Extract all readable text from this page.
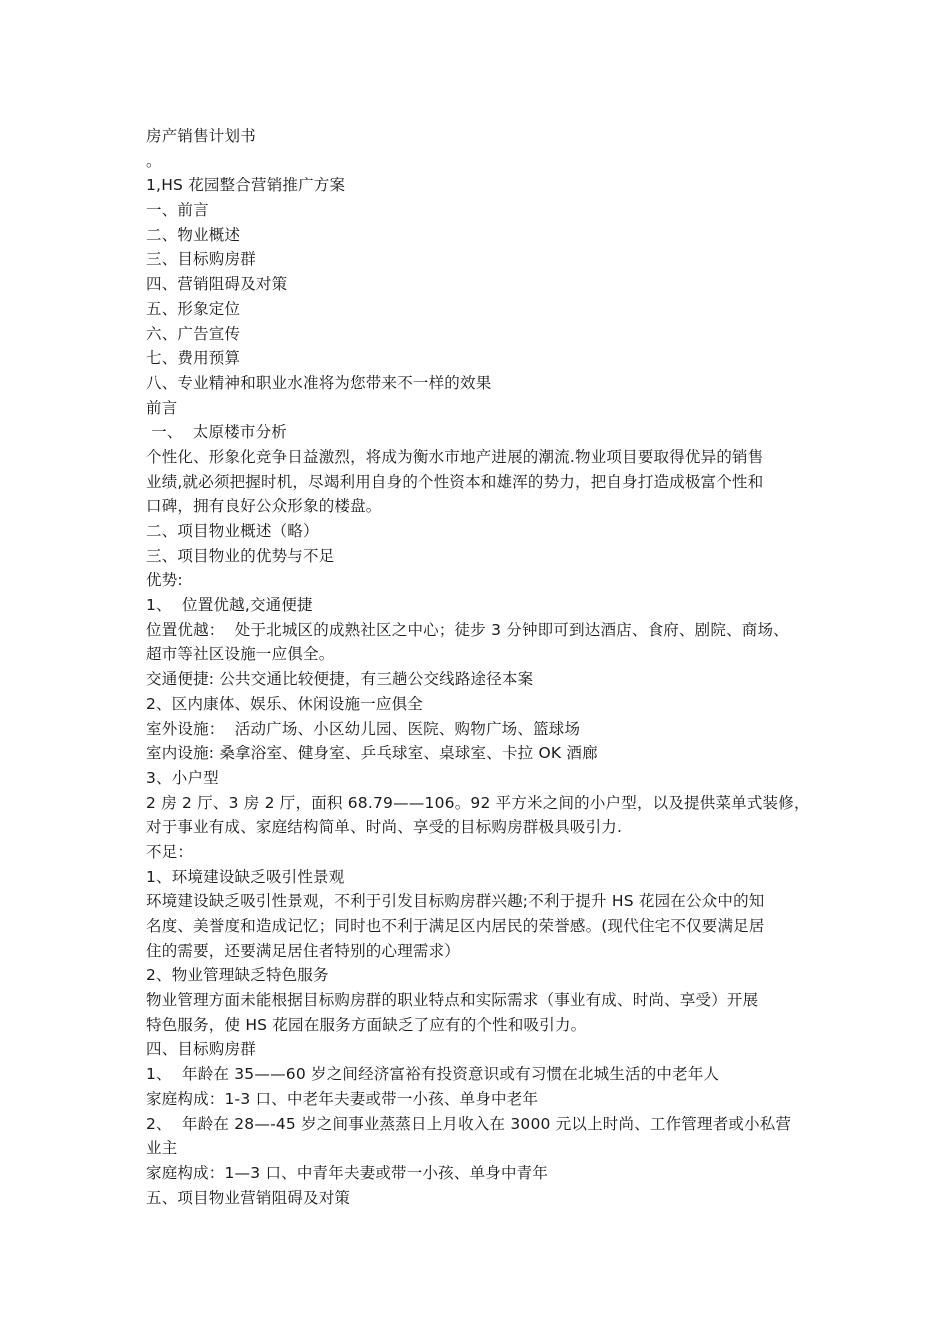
房产销售计划书
。
1,HS 花园整合营销推广方案
一、前言
二、物业概述
三、目标购房群
四、营销阻碍及对策
五、形象定位
六、广告宣传
七、费用预算
八、专业精神和职业水准将为您带来不一样的效果
前言
一、  太原楼市分析
个性化、形象化竞争日益激烈，将成为衡水市地产进展的潮流.物业项目要取得优异的销售
业绩,就必须把握时机，尽竭利用自身的个性资本和雄浑的势力，把自身打造成极富个性和
口碑，拥有良好公众形象的楼盘。
二、项目物业概述（略）
三、项目物业的优势与不足
优势:
1、  位置优越,交通便捷
位置优越：  处于北城区的成熟社区之中心；徒步 3 分钟即可到达酒店、食府、剧院、商场、
超市等社区设施一应俱全。
交通便捷: 公共交通比较便捷，有三趟公交线路途径本案
2、区内康体、娱乐、休闲设施一应俱全
室外设施：  活动广场、小区幼儿园、医院、购物广场、篮球场
室内设施: 桑拿浴室、健身室、乒乓球室、桌球室、卡拉 OK 酒廊
3、小户型
2 房 2 厅、3 房 2 厅，面积 68.79——106。92 平方米之间的小户型，以及提供菜单式装修，
对于事业有成、家庭结构简单、时尚、享受的目标购房群极具吸引力.
不足：
1、环境建设缺乏吸引性景观
环境建设缺乏吸引性景观，不利于引发目标购房群兴趣;不利于提升 HS 花园在公众中的知
名度、美誉度和造成记忆；同时也不利于满足区内居民的荣誉感。(现代住宅不仅要满足居
住的需要，还要满足居住者特别的心理需求）
2、物业管理缺乏特色服务
物业管理方面未能根据目标购房群的职业特点和实际需求（事业有成、时尚、享受）开展
特色服务，使 HS 花园在服务方面缺乏了应有的个性和吸引力。
四、目标购房群
1、  年龄在 35——60 岁之间经济富裕有投资意识或有习惯在北城生活的中老年人
家庭构成：1-3 口、中老年夫妻或带一小孩、单身中老年
2、  年龄在 28—-45 岁之间事业蒸蒸日上月收入在 3000 元以上时尚、工作管理者或小私营
业主
家庭构成：1—3 口、中青年夫妻或带一小孩、单身中青年
五、项目物业营销阻碍及对策
